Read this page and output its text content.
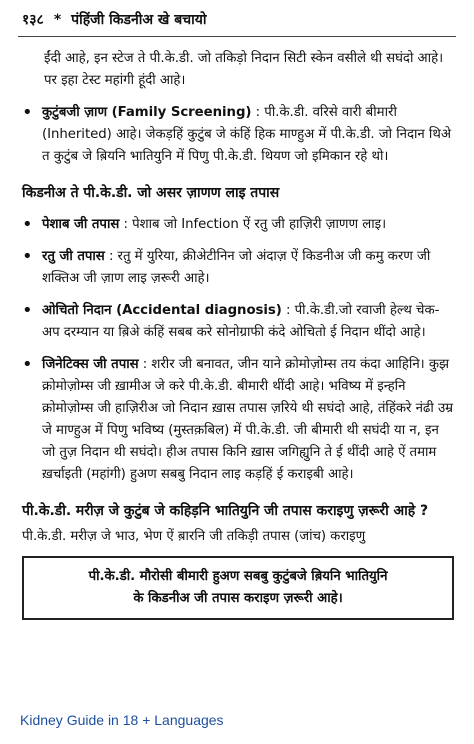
१३८ * पंहिंजी किडनीअ खे बचायो

ईंदी आहे, इन स्टेज ते पी.के.डी. जो तकिड़ो निदान सिटी स्केन वसीले थी सघंदो आहे। पर इहा टेस्ट महांगी हूंदी आहे।

• कुटुंबजी ज़ाण (Family Screening) : पी.के.डी. वरिसे वारी बीमारी (Inherited) आहे। जेकड़हिं कुटुंब जे कंहिं हिक माण्हुअ में पी.के.डी. जो निदान थिअे त कुटुंब जे ब़ियनि भातियुनि में पिणु पी.के.डी. थियण जो इमिकान रहे थो।

किडनीअ ते पी.के.डी. जो असर ज़ाणण लाइ तपास
• पेशाब जी तपास : पेशाब जो Infection ऐं रतु जी हाज़िरी ज़ाणण लाइ।

• रतु जी तपास : रतु में युरिया, क्रीअेटीनिन जो अंदाज़ ऐं किडनीअ जी कमु करण जी शक्तिअ जी ज़ाण लाइ ज़रूरी आहे।

• ओचितो निदान (Accidental diagnosis) : पी.के.डी.जो रवाजी हेल्थ चेक-अप दरम्यान या ब़िअे कंहिं सबब करे सोनोग्राफी कंदे ओचितो ई निदान थींदो आहे।

• जिनेटिक्स जी तपास : शरीर जी बनावत, जीन याने क्रोमोज़ोम्स तय कंदा आहिनि। कुझ क्रोमोज़ोम्स जी ख़ामीअ जे करे पी.के.डी. बीमारी थींदी आहे। भविष्य में इन्हनि क्रोमोज़ोम्स जी हाज़िरीअ जो निदान ख़ास तपास ज़रिये थी सघंदो आहे, तंहिंकरे नंढी उम्र जे माण्हुअ में पिणु भविष्य (मुस्तक़बिल) में पी.के.डी. जी बीमारी थी सघंदी या न, इन जो तुज़ निदान थी सघंदो। हीअ तपास किनि ख़ास जगिह्युनि ते ई थींदी आहे ऐं तमाम ख़र्चाइती (महांगी) हुअण सबबु निदान लाइ कड़हिं ई कराइबी आहे।

पी.के.डी. मरीज़ जे कुटुंब जे कहिड़नि भातियुनि जी तपास कराइणु ज़रूरी आहे ?

पी.के.डी. मरीज़ जे भाउ, भेण ऐं ब़ारनि जी तकिड़ी तपास (जांच) कराइणु

पी.के.डी. मौरोसी बीमारी हुअण सबबु कुटुंबजे ब़ियनि भातियुनि
के किडनीअ जी तपास कराइण ज़रूरी आहे।
Kidney Guide in 18 + Languages
